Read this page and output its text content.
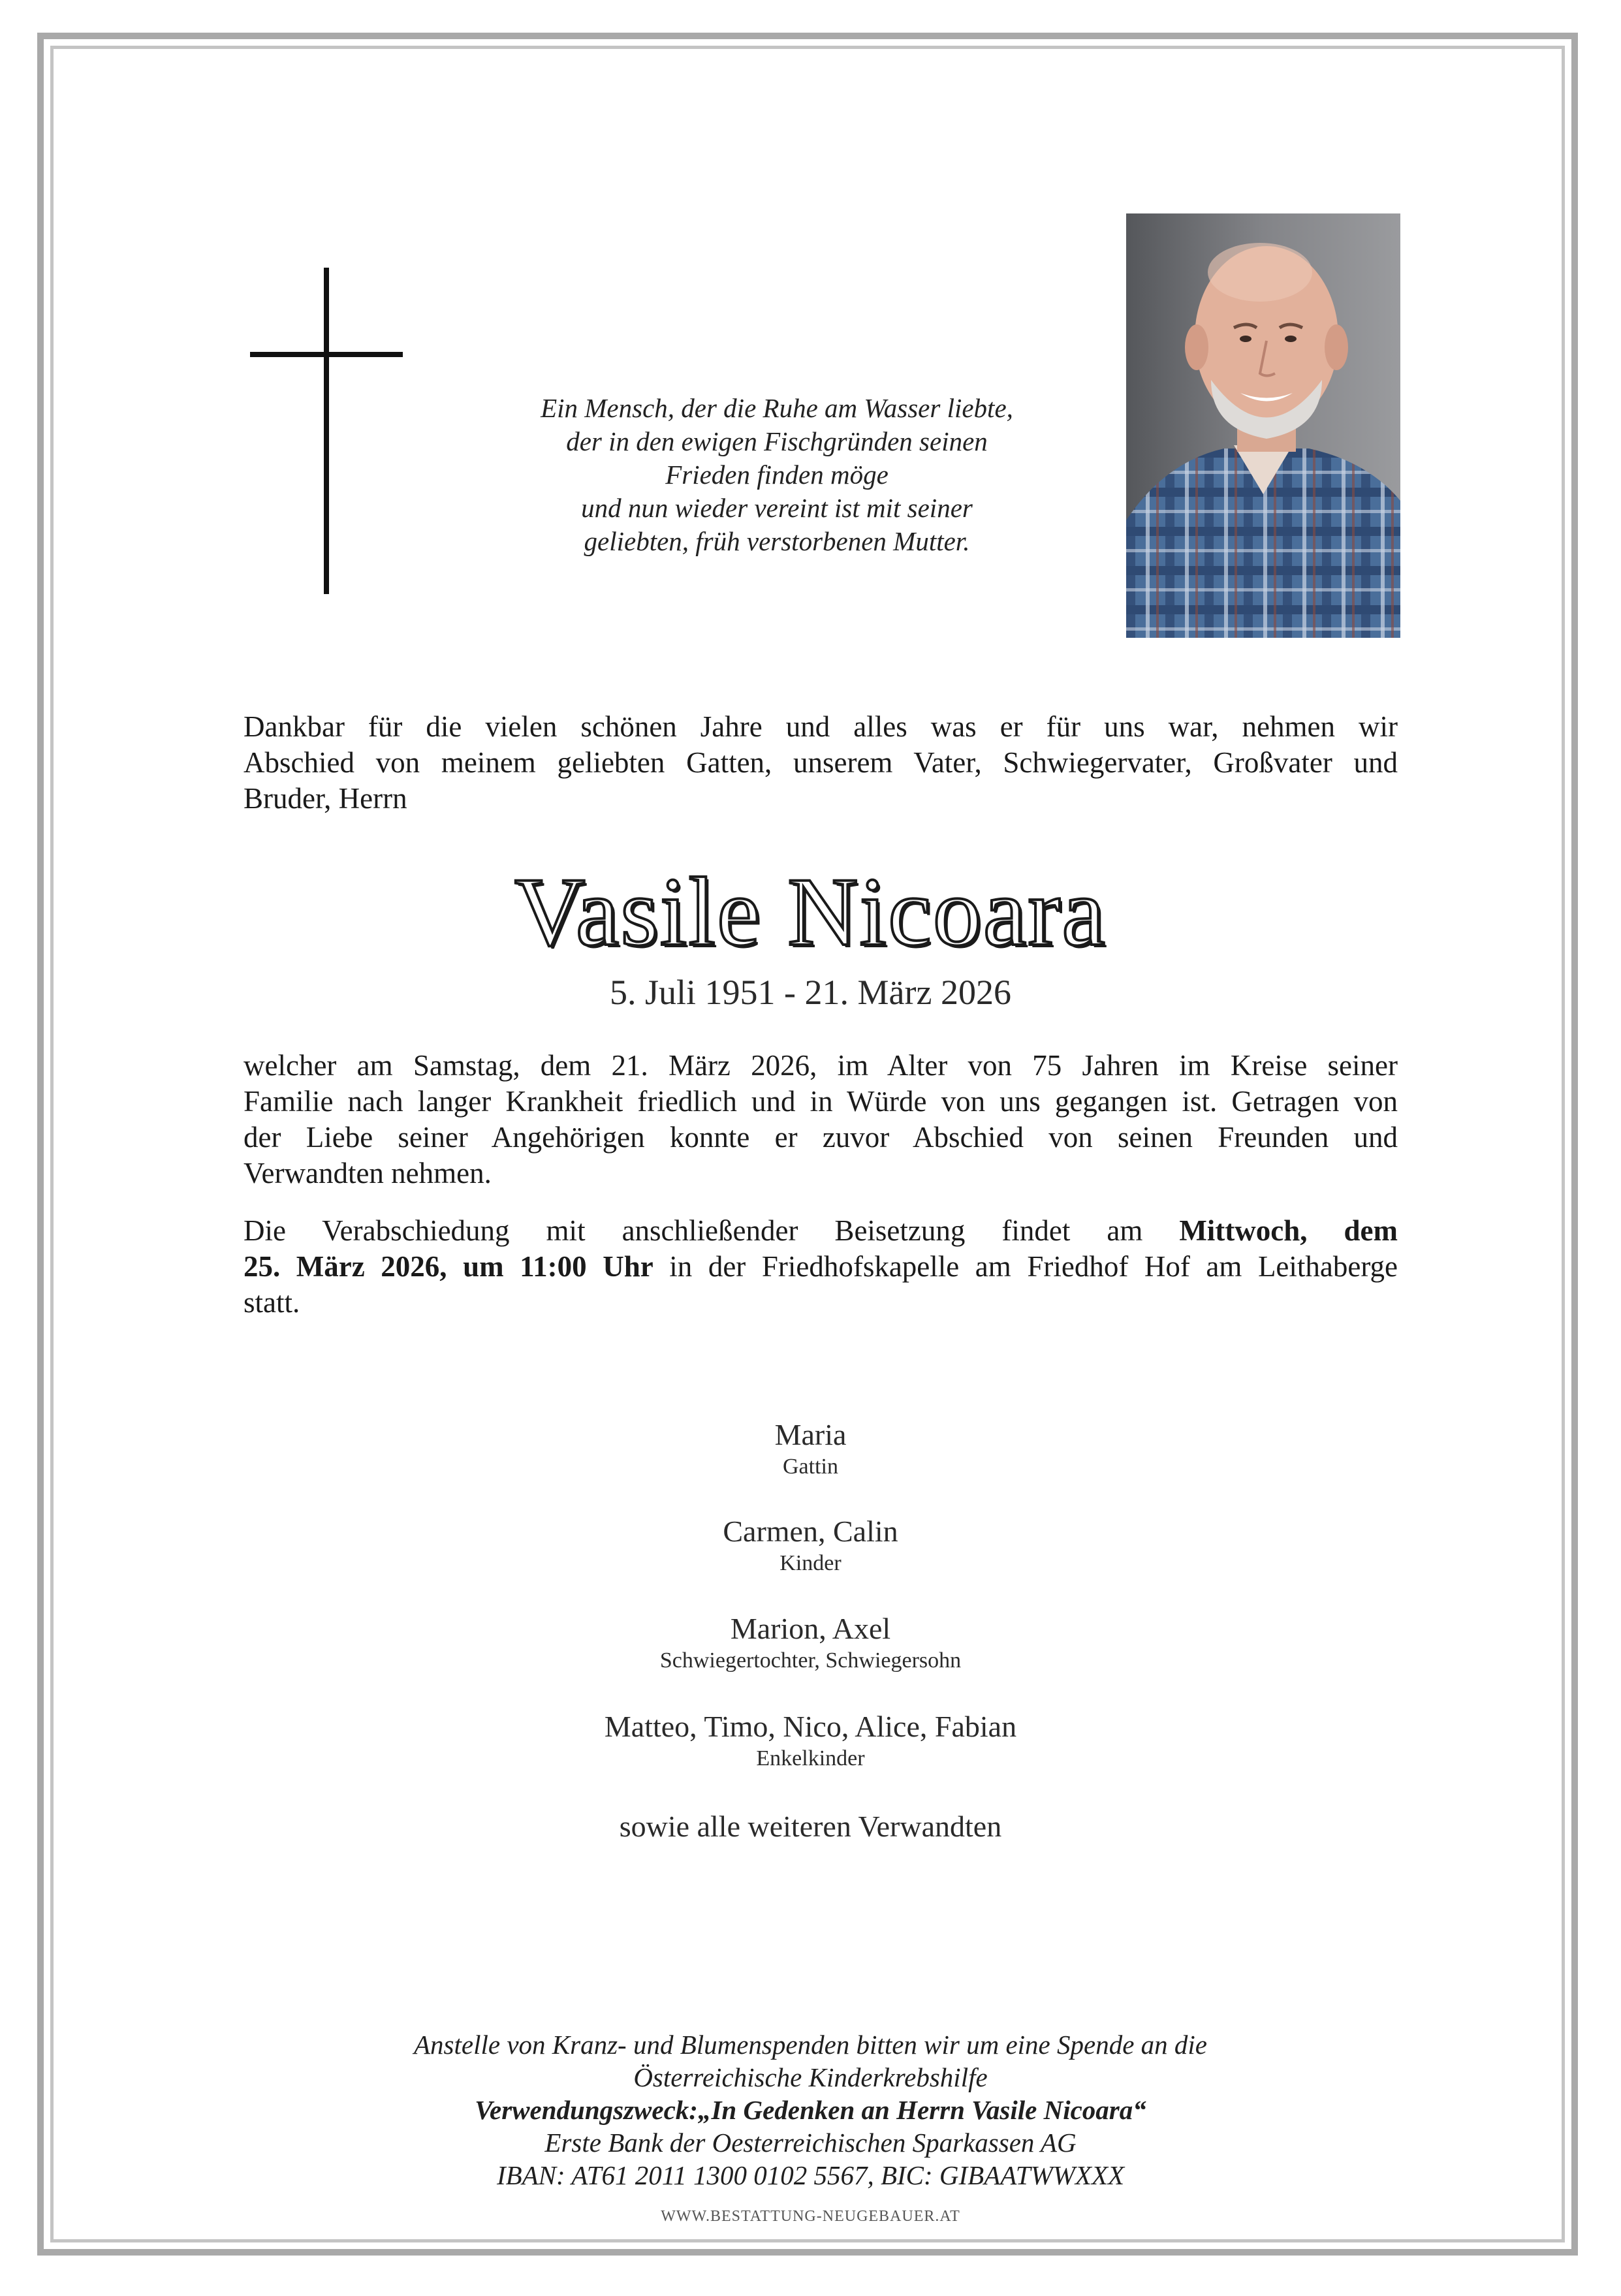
Ein Mensch, der die Ruhe am Wasser liebte,
der in den ewigen Fischgründen seinen
Frieden finden möge
und nun wieder vereint ist mit seiner
geliebten, früh verstorbenen Mutter.
Dankbar für die vielen schönen Jahre und alles was er für uns war, nehmen wir
Abschied von meinem geliebten Gatten, unserem Vater, Schwiegervater, Großvater und
Bruder, Herrn
Vasile Nicoara
5. Juli 1951 - 21. März 2026
welcher am Samstag, dem 21. März 2026, im Alter von 75 Jahren im Kreise seiner
Familie nach langer Krankheit friedlich und in Würde von uns gegangen ist. Getragen von
der Liebe seiner Angehörigen konnte er zuvor Abschied von seinen Freunden und
Verwandten nehmen.
Die Verabschiedung mit anschließender Beisetzung findet am Mittwoch, dem
25. März 2026, um 11:00 Uhr in der Friedhofskapelle am Friedhof Hof am Leithaberge
statt.
Maria
Gattin
Carmen, Calin
Kinder
Marion, Axel
Schwiegertochter, Schwiegersohn
Matteo, Timo, Nico, Alice, Fabian
Enkelkinder
sowie alle weiteren Verwandten
Anstelle von Kranz- und Blumenspenden bitten wir um eine Spende an die
Österreichische Kinderkrebshilfe
Verwendungszweck:„In Gedenken an Herrn Vasile Nicoara“
Erste Bank der Oesterreichischen Sparkassen AG
IBAN: AT61 2011 1300 0102 5567, BIC: GIBAATWWXXX
WWW.BESTATTUNG-NEUGEBAUER.AT
